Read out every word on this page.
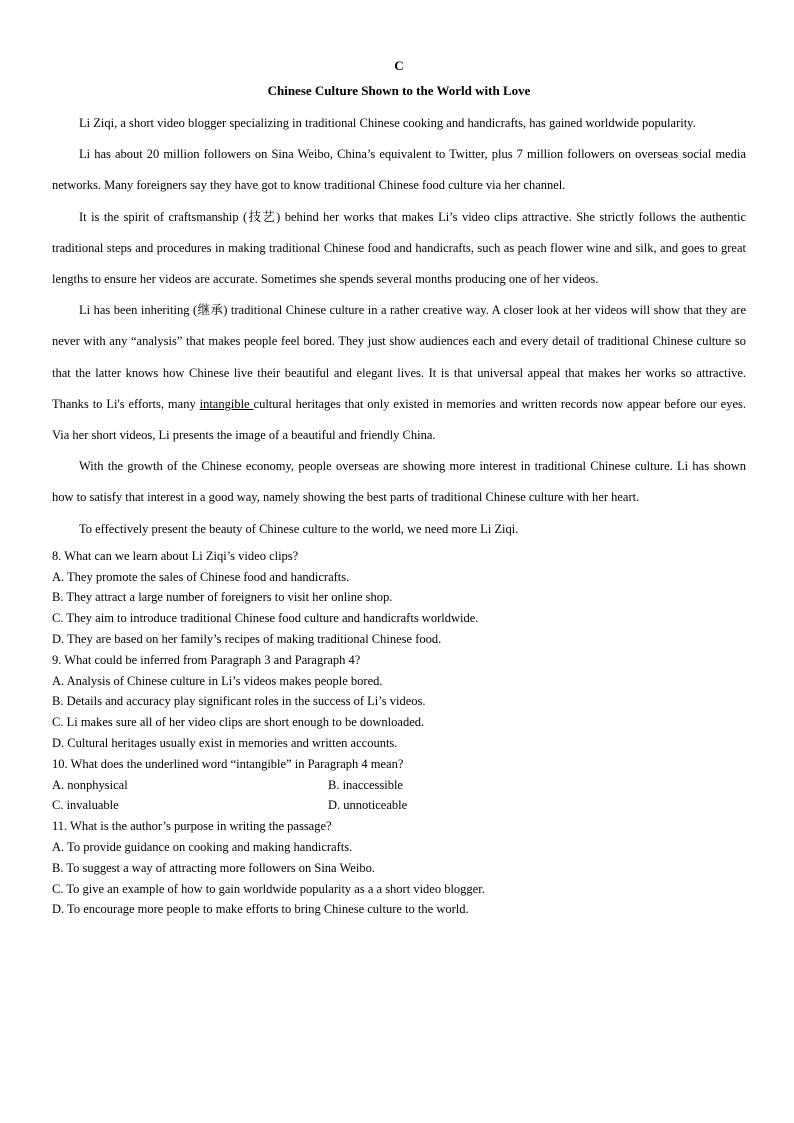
C
Chinese Culture Shown to the World with Love

Li Ziqi, a short video blogger specializing in traditional Chinese cooking and handicrafts, has gained worldwide popularity.

Li has about 20 million followers on Sina Weibo, China’s equivalent to Twitter, plus 7 million followers on overseas social media networks. Many foreigners say they have got to know traditional Chinese food culture via her channel.

It is the spirit of craftsmanship (技艺) behind her works that makes Li’s video clips attractive. She strictly follows the authentic traditional steps and procedures in making traditional Chinese food and handicrafts, such as peach flower wine and silk, and goes to great lengths to ensure her videos are accurate. Sometimes she spends several months producing one of her videos.

Li has been inheriting (继承) traditional Chinese culture in a rather creative way. A closer look at her videos will show that they are never with any “analysis” that makes people feel bored. They just show audiences each and every detail of traditional Chinese culture so that the latter knows how Chinese live their beautiful and elegant lives. It is that universal appeal that makes her works so attractive. Thanks to Li's efforts, many intangible cultural heritages that only existed in memories and written records now appear before our eyes. Via her short videos, Li presents the image of a beautiful and friendly China.

With the growth of the Chinese economy, people overseas are showing more interest in traditional Chinese culture. Li has shown how to satisfy that interest in a good way, namely showing the best parts of traditional Chinese culture with her heart.

To effectively present the beauty of Chinese culture to the world, we need more Li Ziqi.

8. What can we learn about Li Ziqi’s video clips?

A. They promote the sales of Chinese food and handicrafts.

B. They attract a large number of foreigners to visit her online shop.

C. They aim to introduce traditional Chinese food culture and handicrafts worldwide.

D. They are based on her family’s recipes of making traditional Chinese food.

9. What could be inferred from Paragraph 3 and Paragraph 4?

A. Analysis of Chinese culture in Li’s videos makes people bored.

B. Details and accuracy play significant roles in the success of Li’s videos.

C. Li makes sure all of her video clips are short enough to be downloaded.

D. Cultural heritages usually exist in memories and written accounts.

10. What does the underlined word “intangible” in Paragraph 4 mean?

A. nonphysical	B. inaccessible
C. invaluable	D. unnoticeable

11. What is the author’s purpose in writing the passage?

A. To provide guidance on cooking and making handicrafts.

B. To suggest a way of attracting more followers on Sina Weibo.

C. To give an example of how to gain worldwide popularity as a a short video blogger.

D. To encourage more people to make efforts to bring Chinese culture to the world.
